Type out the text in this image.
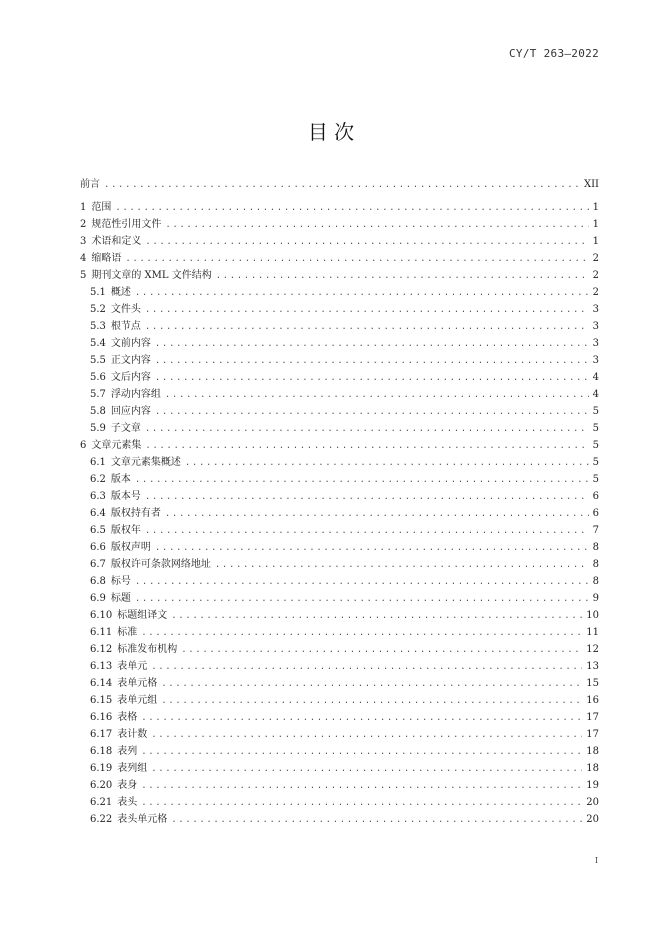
CY/T 263—2022
目 次
前言 .....	XII
1 范围 .....	1
2 规范性引用文件 .....	1
3 术语和定义 .....	1
4 缩略语 .....	2
5 期刊文章的 XML 文件结构 .....	2
5.1 概述 .....	2
5.2 文件头 .....	3
5.3 根节点 .....	3
5.4 文前内容 .....	3
5.5 正文内容 .....	3
5.6 文后内容 .....	4
5.7 浮动内容组 .....	4
5.8 回应内容 .....	5
5.9 子文章 .....	5
6 文章元素集 .....	5
6.1 文章元素集概述 .....	5
6.2 版本 .....	5
6.3 版本号 .....	6
6.4 版权持有者 .....	6
6.5 版权年 .....	7
6.6 版权声明 .....	8
6.7 版权许可条款网络地址 .....	8
6.8 标号 .....	8
6.9 标题 .....	9
6.10 标题组译文 .....	10
6.11 标准 .....	11
6.12 标准发布机构 .....	12
6.13 表单元 .....	13
6.14 表单元格 .....	15
6.15 表单元组 .....	16
6.16 表格 .....	17
6.17 表计数 .....	17
6.18 表列 .....	18
6.19 表列组 .....	18
6.20 表身 .....	19
6.21 表头 .....	20
6.22 表头单元格 .....	20
I
